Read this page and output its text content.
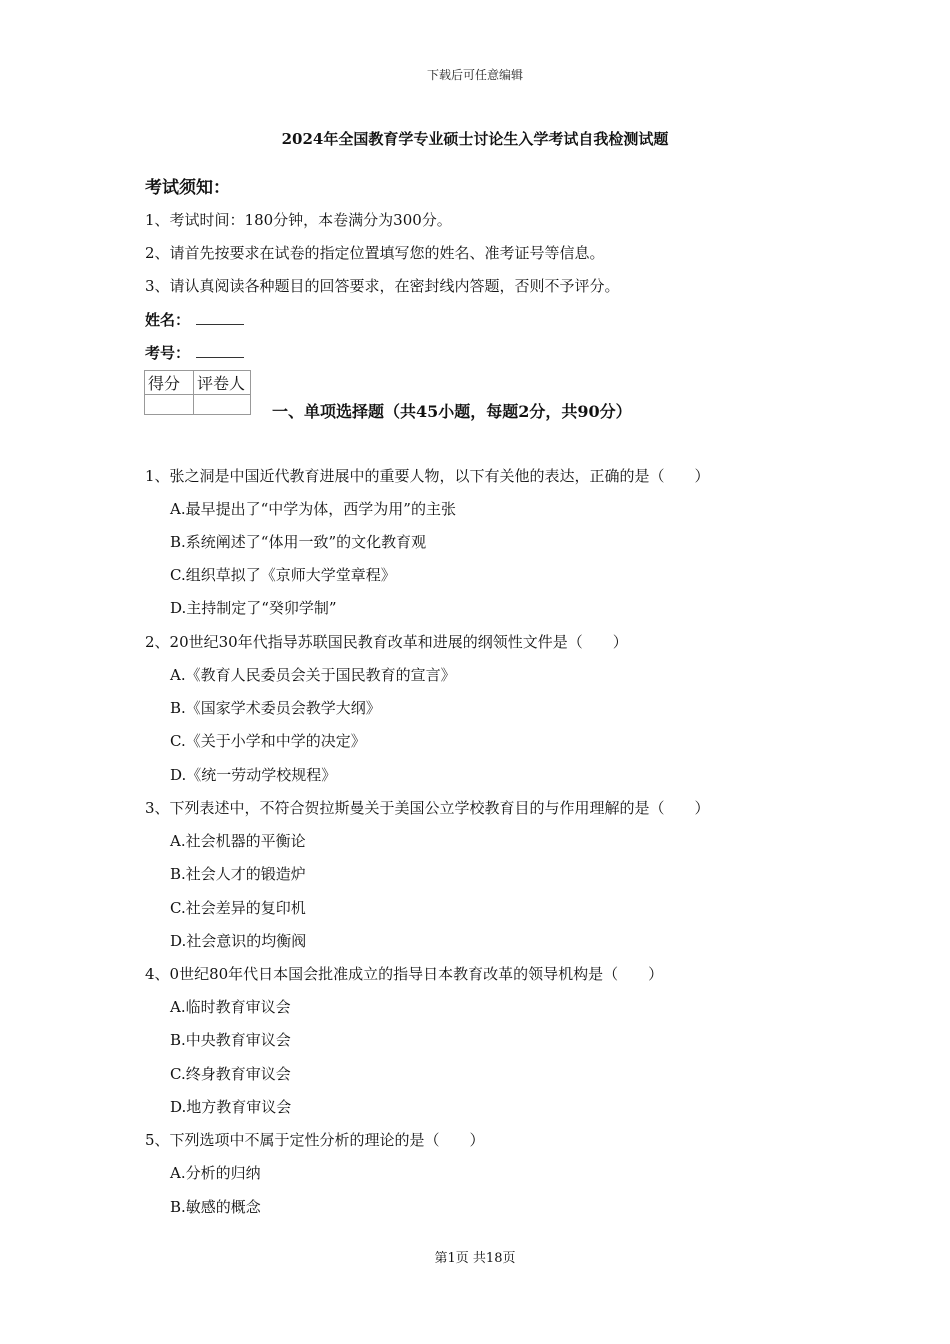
下载后可任意编辑
2024年全国教育学专业硕士讨论生入学考试自我检测试题
考试须知：
1、考试时间：180分钟，本卷满分为300分。
2、请首先按要求在试卷的指定位置填写您的姓名、准考证号等信息。
3、请认真阅读各种题目的回答要求，在密封线内答题，否则不予评分。
姓名：
考号：
得分	评卷人

一、单项选择题（共45小题，每题2分，共90分）
1、张之洞是中国近代教育进展中的重要人物，以下有关他的表达，正确的是（　　）
A.最早提出了“中学为体，西学为用”的主张
B.系统阐述了“体用一致”的文化教育观
C.组织草拟了《京师大学堂章程》
D.主持制定了“癸卯学制”
2、20世纪30年代指导苏联国民教育改革和进展的纲领性文件是（　　）
A.《教育人民委员会关于国民教育的宣言》
B.《国家学术委员会教学大纲》
C.《关于小学和中学的决定》
D.《统一劳动学校规程》
3、下列表述中，不符合贺拉斯曼关于美国公立学校教育目的与作用理解的是（　　）
A.社会机器的平衡论
B.社会人才的锻造炉
C.社会差异的复印机
D.社会意识的均衡阀
4、0世纪80年代日本国会批准成立的指导日本教育改革的领导机构是（　　）
A.临时教育审议会
B.中央教育审议会
C.终身教育审议会
D.地方教育审议会
5、下列选项中不属于定性分析的理论的是（　　）
A.分析的归纳
B.敏感的概念
第1页 共18页
